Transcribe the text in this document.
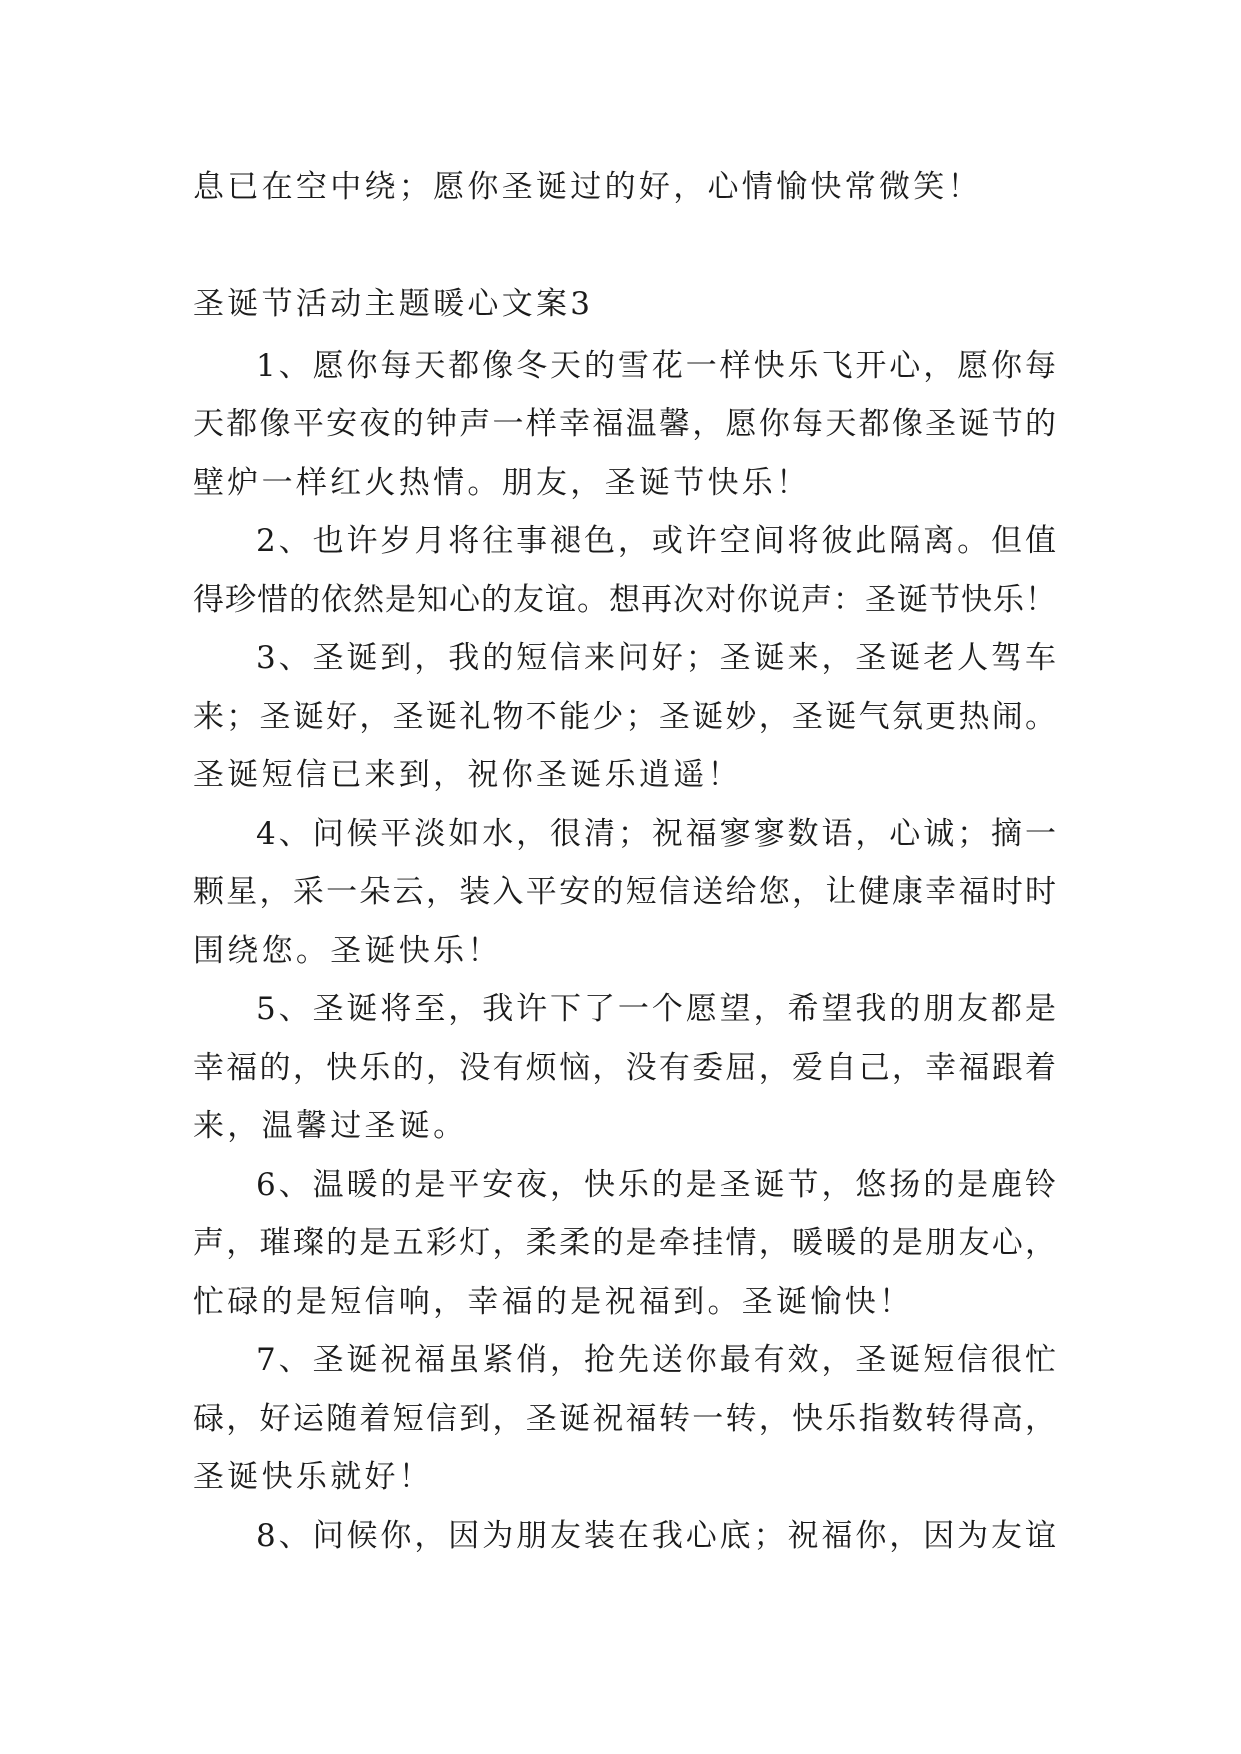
息已在空中绕；愿你圣诞过的好，心情愉快常微笑！
圣诞节活动主题暖心文案3
1、愿你每天都像冬天的雪花一样快乐飞开心，愿你每
天都像平安夜的钟声一样幸福温馨，愿你每天都像圣诞节的
壁炉一样红火热情。朋友，圣诞节快乐！
2、也许岁月将往事褪色，或许空间将彼此隔离。但值
得珍惜的依然是知心的友谊。想再次对你说声：圣诞节快乐！
3、圣诞到，我的短信来问好；圣诞来，圣诞老人驾车
来；圣诞好，圣诞礼物不能少；圣诞妙，圣诞气氛更热闹。
圣诞短信已来到，祝你圣诞乐逍遥！
4、问候平淡如水，很清；祝福寥寥数语，心诚；摘一
颗星，采一朵云，装入平安的短信送给您，让健康幸福时时
围绕您。圣诞快乐！
5、圣诞将至，我许下了一个愿望，希望我的朋友都是
幸福的，快乐的，没有烦恼，没有委屈，爱自己，幸福跟着
来，温馨过圣诞。
6、温暖的是平安夜，快乐的是圣诞节，悠扬的是鹿铃
声，璀璨的是五彩灯，柔柔的是牵挂情，暖暖的是朋友心，
忙碌的是短信响，幸福的是祝福到。圣诞愉快！
7、圣诞祝福虽紧俏，抢先送你最有效，圣诞短信很忙
碌，好运随着短信到，圣诞祝福转一转，快乐指数转得高，
圣诞快乐就好！
8、问候你，因为朋友装在我心底；祝福你，因为友谊
